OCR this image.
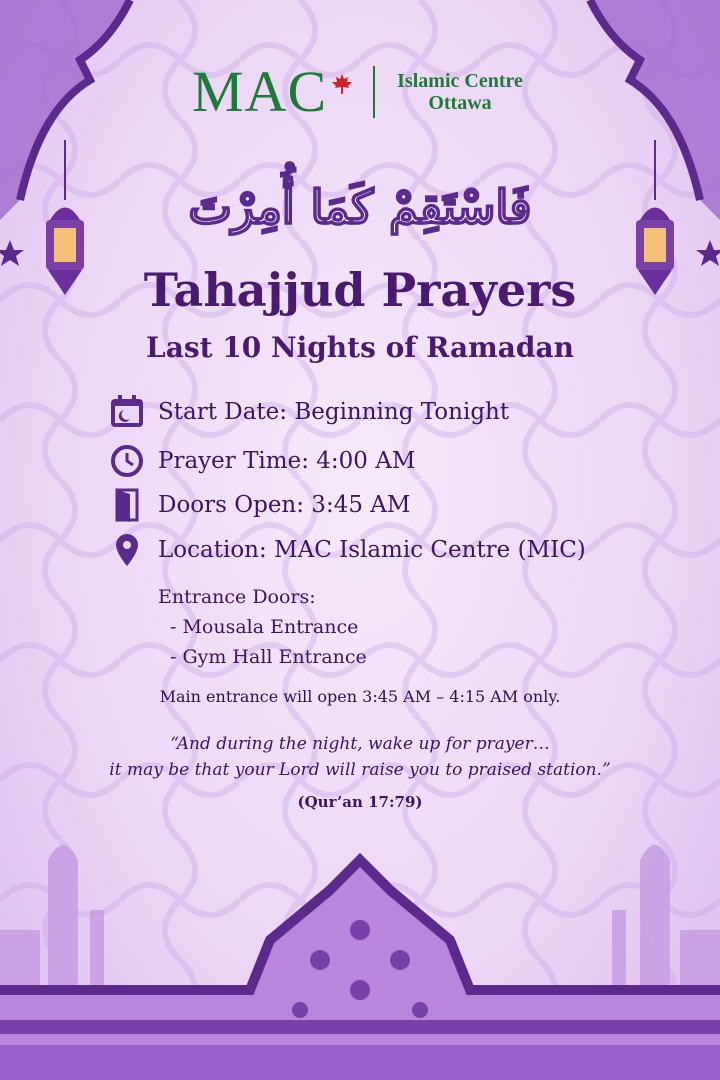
MAC	Islamic Centre
Ottawa
فَاسْتَقِمْ كَمَا أُمِرْتَ
Tahajjud Prayers
Last 10 Nights of Ramadan
Start Date: Beginning Tonight
Prayer Time: 4:00 AM
Doors Open: 3:45 AM
Location: MAC Islamic Centre (MIC)
Entrance Doors:
- Mousala Entrance
- Gym Hall Entrance
Main entrance will open 3:45 AM – 4:15 AM only.
“And during the night, wake up for prayer…
it may be that your Lord will raise you to praised station.”
(Qur’an 17:79)
